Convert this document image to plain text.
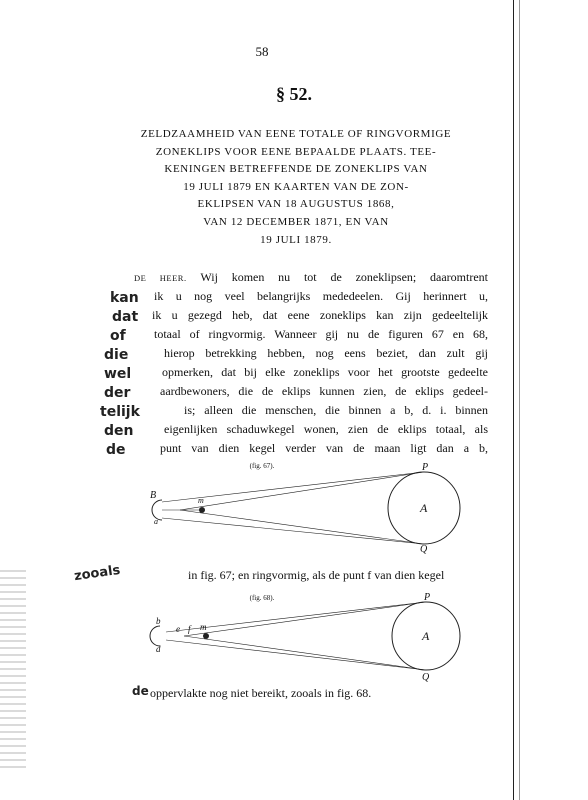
58
§ 52.
ZELDZAAMHEID VAN EENE TOTALE OF RINGVORMIGE
ZONEKLIPS VOOR EENE BEPAALDE PLAATS. TEE-
KENINGEN BETREFFENDE DE ZONEKLIPS VAN
19 JULI 1879 EN KAARTEN VAN DE ZON-
EKLIPSEN VAN 18 AUGUSTUS 1868,
VAN 12 DECEMBER 1871, EN VAN
19 JULI 1879.
kan
dat
of
die
wel
der
telijk
den
de
DE HEER. Wij komen nu tot de zoneklipsen; daaromtrent
ik u nog veel belangrijks mededeelen. Gij herinnert u,
ik u gezegd heb, dat eene zoneklips kan zijn gedeeltelijk
totaal of ringvormig. Wanneer gij nu de figuren 67 en 68,
hierop betrekking hebben, nog eens beziet, dan zult gij
opmerken, dat bij elke zoneklips voor het grootste gedeelte
aardbewoners, die de eklips kunnen zien, de eklips gedeel-
is; alleen die menschen, die binnen a b, d. i. binnen
eigenlijken schaduwkegel wonen, zien de eklips totaal, als
punt van dien kegel verder van de maan ligt dan a b,
(fig. 67).
B
a
m
P
A
Q
zooals	in fig. 67; en ringvormig, als de punt f van dien kegel
(fig. 68).
b
d
e f m
P
A
Q
de oppervlakte nog niet bereikt, zooals in fig. 68.
